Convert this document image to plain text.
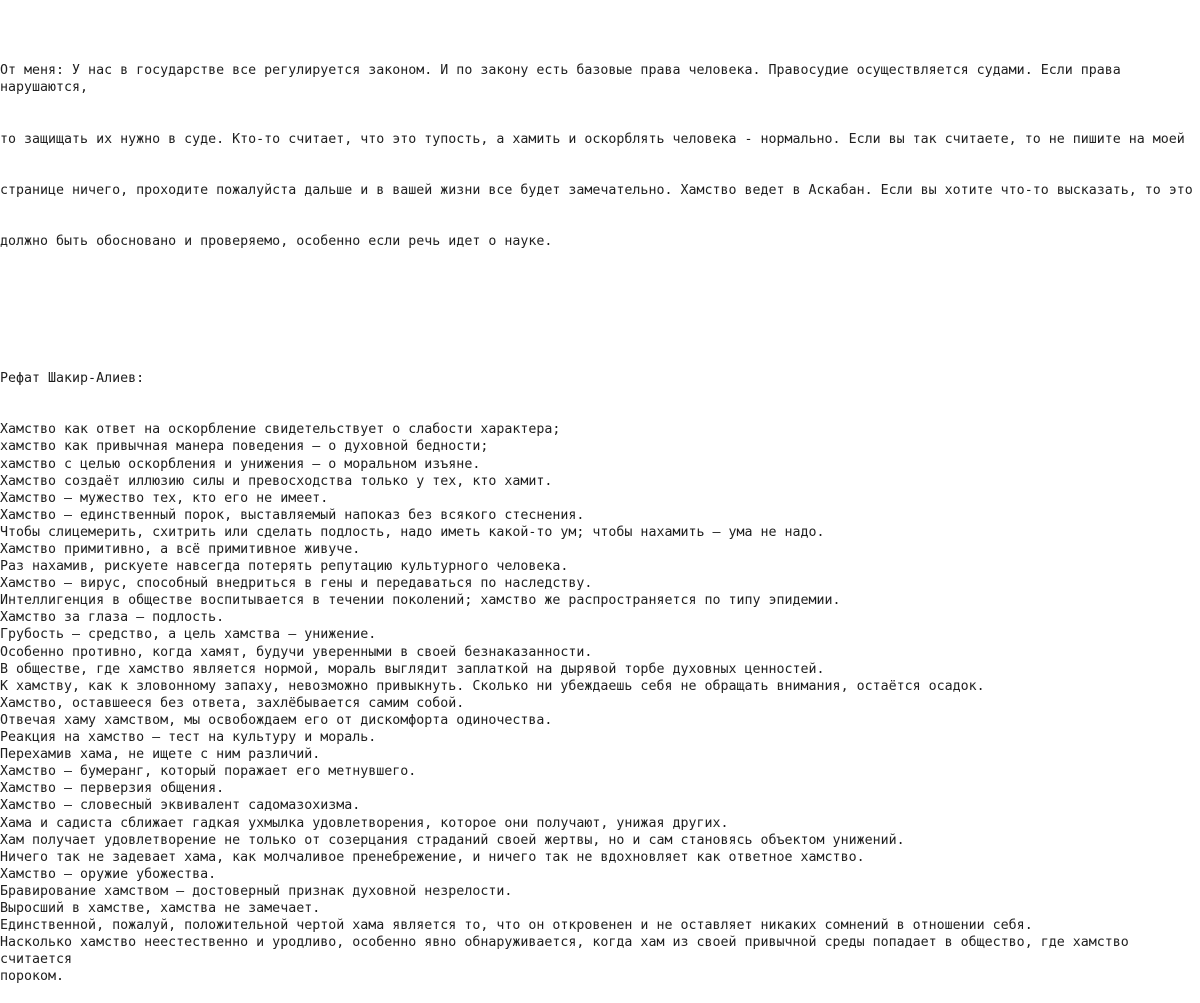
От меня: У нас в государстве все регулируется законом. И по закону есть базовые права человека. Правосудие осуществляется судами. Если права нарушаются,

то защищать их нужно в суде. Кто-то считает, что это тупость, а хамить и оскорблять человека - нормально. Если вы так считаете, то не пишите на моей

странице ничего, проходите пожалуйста дальше и в вашей жизни все будет замечательно. Хамство ведет в Аскабан. Если вы хотите что-то высказать, то это

должно быть обосновано и проверяемо, особенно если речь идет о науке.

Рефат Шакир-Алиев:

Хамство как ответ на оскорбление свидетельствует о слабости характера;
хамство как привычная манера поведения – о духовной бедности;
хамство с целью оскорбления и унижения – о моральном изъяне.
Хамство создаёт иллюзию силы и превосходства только у тех, кто хамит.
Хамство – мужество тех, кто его не имеет.
Хамство – единственный порок, выставляемый напоказ без всякого стеснения.
Чтобы слицемерить, схитрить или сделать подлость, надо иметь какой-то ум; чтобы нахамить – ума не надо.
Хамство примитивно, а всё примитивное живуче.
Раз нахамив, рискуете навсегда потерять репутацию культурного человека.
Хамство – вирус, способный внедриться в гены и передаваться по наследству.
Интеллигенция в обществе воспитывается в течении поколений; хамство же распространяется по типу эпидемии.
Хамство за глаза – подлость.
Грубость – средство, а цель хамства – унижение.
Особенно противно, когда хамят, будучи уверенными в своей безнаказанности.
В обществе, где хамство является нормой, мораль выглядит заплаткой на дырявой торбе духовных ценностей.
К хамству, как к зловонному запаху, невозможно привыкнуть. Сколько ни убеждаешь себя не обращать внимания, остаётся осадок.
Хамство, оставшееся без ответа, захлёбывается самим собой.
Отвечая хаму хамством, мы освобождаем его от дискомфорта одиночества.
Реакция на хамство – тест на культуру и мораль.
Перехамив хама, не ищете с ним различий.
Хамство – бумеранг, который поражает его метнувшего.
Хамство – перверзия общения.
Хамство – словесный эквивалент садомазохизма.
Хама и садиста сближает гадкая ухмылка удовлетворения, которое они получают, унижая других.
Хам получает удовлетворение не только от созерцания страданий своей жертвы, но и сам становясь объектом унижений.
Ничего так не задевает хама, как молчаливое пренебрежение, и ничего так не вдохновляет как ответное хамство.
Хамство – оружие убожества.
Бравирование хамством – достоверный признак духовной незрелости.
Выросший в хамстве, хамства не замечает.
Единственной, пожалуй, положительной чертой хама является то, что он откровенен и не оставляет никаких сомнений в отношении себя.
Насколько хамство неестественно и уродливо, особенно явно обнаруживается, когда хам из своей привычной среды попадает в общество, где хамство считается
пороком.
